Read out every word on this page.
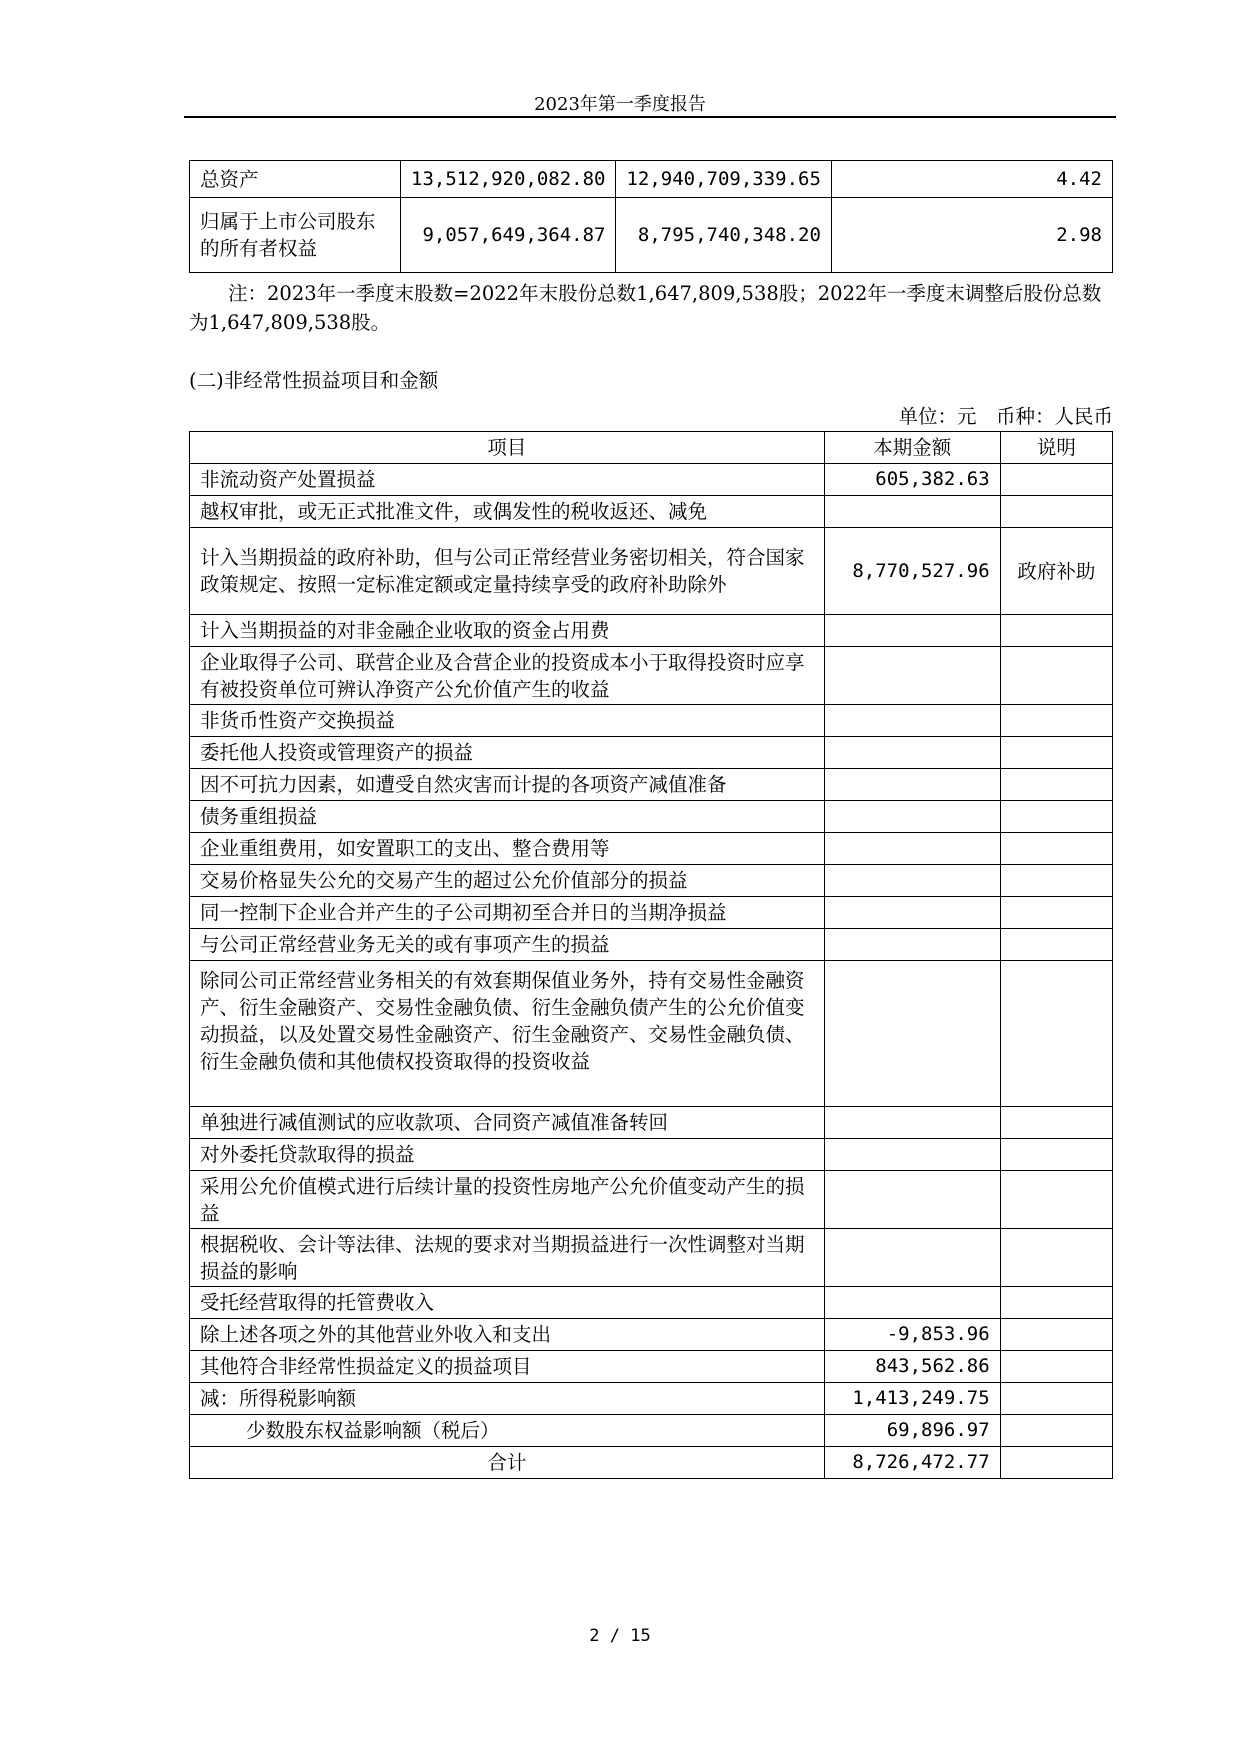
2023年第一季度报告
总资产	13,512,920,082.80	12,940,709,339.65	4.42
归属于上市公司股东的所有者权益	9,057,649,364.87	8,795,740,348.20	2.98
注：2023年一季度末股数=2022年末股份总数1,647,809,538股；2022年一季度末调整后股份总数为1,647,809,538股。
(二)非经常性损益项目和金额
单位：元　币种：人民币
项目	本期金额	说明
非流动资产处置损益	605,382.63	
越权审批，或无正式批准文件，或偶发性的税收返还、减免		
计入当期损益的政府补助，但与公司正常经营业务密切相关，符合国家政策规定、按照一定标准定额或定量持续享受的政府补助除外	8,770,527.96	政府补助
计入当期损益的对非金融企业收取的资金占用费		
企业取得子公司、联营企业及合营企业的投资成本小于取得投资时应享有被投资单位可辨认净资产公允价值产生的收益		
非货币性资产交换损益		
委托他人投资或管理资产的损益		
因不可抗力因素，如遭受自然灾害而计提的各项资产减值准备		
债务重组损益		
企业重组费用，如安置职工的支出、整合费用等		
交易价格显失公允的交易产生的超过公允价值部分的损益		
同一控制下企业合并产生的子公司期初至合并日的当期净损益		
与公司正常经营业务无关的或有事项产生的损益		
除同公司正常经营业务相关的有效套期保值业务外，持有交易性金融资产、衍生金融资产、交易性金融负债、衍生金融负债产生的公允价值变动损益，以及处置交易性金融资产、衍生金融资产、交易性金融负债、衍生金融负债和其他债权投资取得的投资收益		
单独进行减值测试的应收款项、合同资产减值准备转回		
对外委托贷款取得的损益		
采用公允价值模式进行后续计量的投资性房地产公允价值变动产生的损益		
根据税收、会计等法律、法规的要求对当期损益进行一次性调整对当期损益的影响		
受托经营取得的托管费收入		
除上述各项之外的其他营业外收入和支出	-9,853.96	
其他符合非经常性损益定义的损益项目	843,562.86	
减：所得税影响额	1,413,249.75	
少数股东权益影响额（税后）	69,896.97	
合计	8,726,472.77	
2 / 15
